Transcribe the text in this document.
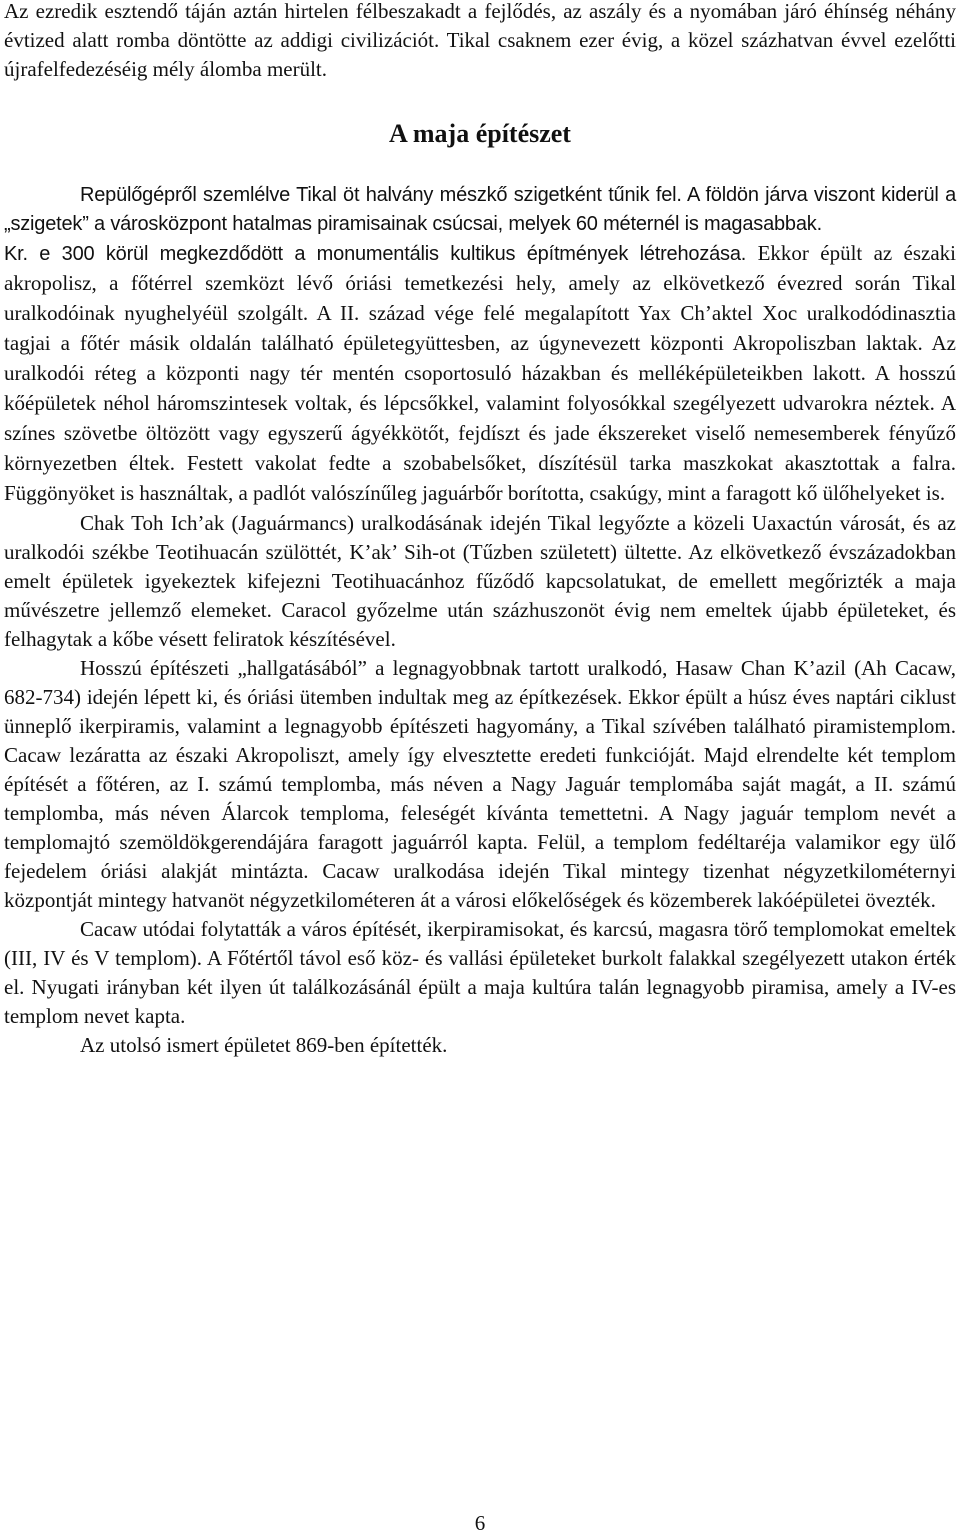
Az ezredik esztendő táján aztán hirtelen félbeszakadt a fejlődés, az aszály és a nyomában járó éhínség néhány évtized alatt romba döntötte az addigi civilizációt. Tikal csaknem ezer évig, a közel százhatvan évvel ezelőtti újrafelfedezéséig mély álomba merült.

A maja építészet

Repülőgépről szemlélve Tikal öt halvány mészkő szigetként tűnik fel. A földön járva viszont kiderül a „szigetek” a városközpont hatalmas piramisainak csúcsai, melyek 60 méternél is magasabbak.

Kr. e 300 körül megkezdődött a monumentális kultikus építmények létrehozása. Ekkor épült az északi akropolisz, a főtérrel szemközt lévő óriási temetkezési hely, amely az elkövetkező évezred során Tikal uralkodóinak nyughelyéül szolgált. A II. század vége felé megalapított Yax Ch’aktel Xoc uralkodódinasztia tagjai a főtér másik oldalán található épületegyüttesben, az úgynevezett központi Akropoliszban laktak. Az uralkodói réteg a központi nagy tér mentén csoportosuló házakban és melléképületeikben lakott. A hosszú kőépületek néhol háromszintesek voltak, és lépcsőkkel, valamint folyosókkal szegélyezett udvarokra néztek. A színes szövetbe öltözött vagy egyszerű ágyékkötőt, fejdíszt és jade ékszereket viselő nemesemberek fényűző környezetben éltek. Festett vakolat fedte a szobabelsőket, díszítésül tarka maszkokat akasztottak a falra. Függönyöket is használtak, a padlót valószínűleg jaguárbőr borította, csakúgy, mint a faragott kő ülőhelyeket is.

Chak Toh Ich’ak (Jaguármancs) uralkodásának idején Tikal legyőzte a közeli Uaxactún városát, és az uralkodói székbe Teotihuacán szülöttét, K’ak’ Sih-ot (Tűzben született) ültette. Az elkövetkező évszázadokban emelt épületek igyekeztek kifejezni Teotihuacánhoz fűződő kapcsolatukat, de emellett megőrizték a maja művészetre jellemző elemeket. Caracol győzelme után százhuszonöt évig nem emeltek újabb épületeket, és felhagytak a kőbe vésett feliratok készítésével.

Hosszú építészeti „hallgatásából” a legnagyobbnak tartott uralkodó, Hasaw Chan K’azil (Ah Cacaw, 682-734) idején lépett ki, és óriási ütemben indultak meg az építkezések. Ekkor épült a húsz éves naptári ciklust ünneplő ikerpiramis, valamint a legnagyobb építészeti hagyomány, a Tikal szívében található piramistemplom. Cacaw lezáratta az északi Akropoliszt, amely így elvesztette eredeti funkcióját. Majd elrendelte két templom építését a főtéren, az I. számú templomba, más néven a Nagy Jaguár templomába saját magát, a II. számú templomba, más néven Álarcok temploma, feleségét kívánta temettetni. A Nagy jaguár templom nevét a templomajtó szemöldökgerendájára faragott jaguárról kapta. Felül, a templom fedéltaréja valamikor egy ülő fejedelem óriási alakját mintázta. Cacaw uralkodása idején Tikal mintegy tizenhat négyzetkilométernyi központját mintegy hatvanöt négyzetkilométeren át a városi előkelőségek és közemberek lakóépületei övezték.

Cacaw utódai folytatták a város építését, ikerpiramisokat, és karcsú, magasra törő templomokat emeltek (III, IV és V templom). A Főtértől távol eső köz- és vallási épületeket burkolt falakkal szegélyezett utakon érték el. Nyugati irányban két ilyen út találkozásánál épült a maja kultúra talán legnagyobb piramisa, amely a IV-es templom nevet kapta.

Az utolsó ismert épületet 869-ben építették.

6
